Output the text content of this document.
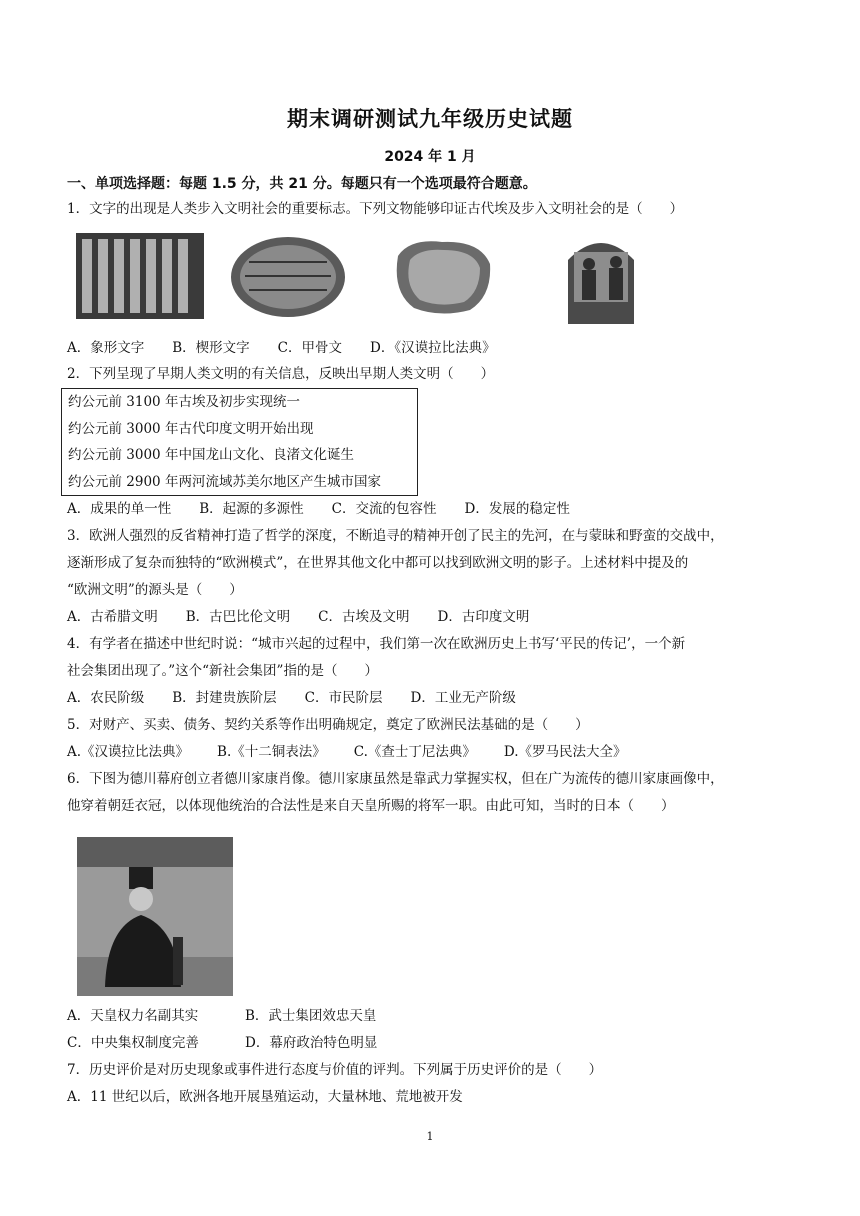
期末调研测试九年级历史试题
2024 年 1 月
一、单项选择题：每题 1.5 分，共 21 分。每题只有一个选项最符合题意。
1．文字的出现是人类步入文明社会的重要标志。下列文物能够印证古代埃及步入文明社会的是（　　）
A．象形文字 B．楔形文字 C．甲骨文 D．《汉谟拉比法典》
2．下列呈现了早期人类文明的有关信息，反映出早期人类文明（　　）
约公元前 3100 年古埃及初步实现统一
约公元前 3000 年古代印度文明开始出现
约公元前 3000 年中国龙山文化、良渚文化诞生
约公元前 2900 年两河流域苏美尔地区产生城市国家
A．成果的单一性 B．起源的多源性 C．交流的包容性 D．发展的稳定性
3．欧洲人强烈的反省精神打造了哲学的深度，不断追寻的精神开创了民主的先河，在与蒙昧和野蛮的交战中，
逐渐形成了复杂而独特的“欧洲模式”，在世界其他文化中都可以找到欧洲文明的影子。上述材料中提及的
“欧洲文明”的源头是（　　）
A．古希腊文明 B．古巴比伦文明 C．古埃及文明 D．古印度文明
4．有学者在描述中世纪时说：“城市兴起的过程中，我们第一次在欧洲历史上书写‘平民的传记’，一个新
社会集团出现了。”这个“新社会集团”指的是（　　）
A．农民阶级 B．封建贵族阶层 C．市民阶层 D．工业无产阶级
5．对财产、买卖、债务、契约关系等作出明确规定，奠定了欧洲民法基础的是（　　）
A.《汉谟拉比法典》 B.《十二铜表法》 C.《查士丁尼法典》 D.《罗马民法大全》
6．下图为德川幕府创立者德川家康肖像。德川家康虽然是靠武力掌握实权，但在广为流传的德川家康画像中，
他穿着朝廷衣冠，以体现他统治的合法性是来自天皇所赐的将军一职。由此可知，当时的日本（　　）
A．天皇权力名副其实	B．武士集团效忠天皇
C．中央集权制度完善	D．幕府政治特色明显
7．历史评价是对历史现象或事件进行态度与价值的评判。下列属于历史评价的是（　　）
A．11 世纪以后，欧洲各地开展垦殖运动，大量林地、荒地被开发
1
